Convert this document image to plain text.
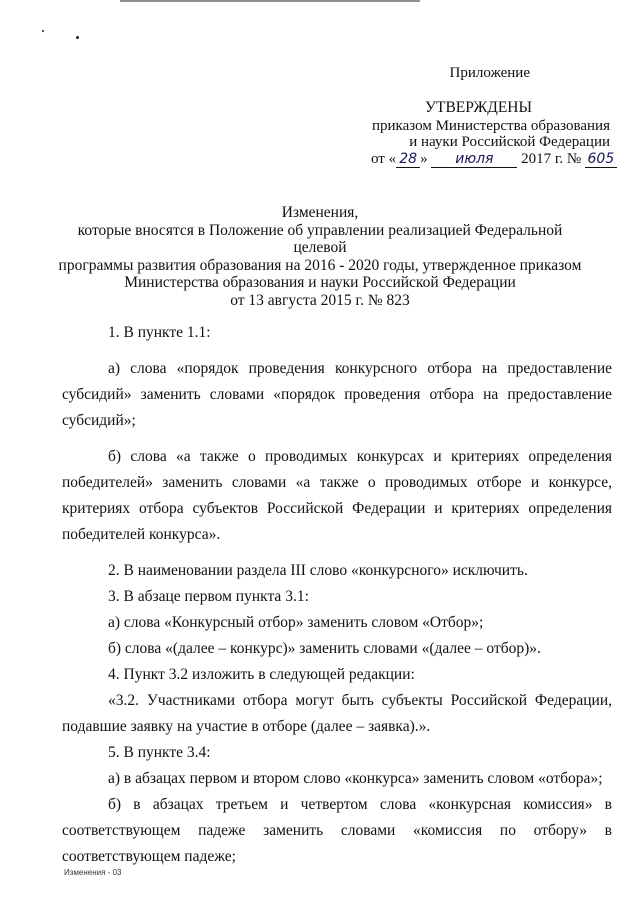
Приложение
УТВЕРЖДЕНЫ
приказом Министерства образования
и науки Российской Федерации
от « 28 » июля 2017 г. № 605
Изменения,
которые вносятся в Положение об управлении реализацией Федеральной целевой
программы развития образования на 2016 - 2020 годы, утвержденное приказом
Министерства образования и науки Российской Федерации
от 13 августа 2015 г. № 823

1. В пункте 1.1:

а) слова «порядок проведения конкурсного отбора на предоставление субсидий» заменить словами «порядок проведения отбора на предоставление субсидий»;

б) слова «а также о проводимых конкурсах и критериях определения победителей» заменить словами «а также о проводимых отборе и конкурсе, критериях отбора субъектов Российской Федерации и критериях определения победителей конкурса».

2. В наименовании раздела III слово «конкурсного» исключить.

3. В абзаце первом пункта 3.1:

а) слова «Конкурсный отбор» заменить словом «Отбор»;

б) слова «(далее – конкурс)» заменить словами «(далее – отбор)».

4. Пункт 3.2 изложить в следующей редакции:

«3.2. Участниками отбора могут быть субъекты Российской Федерации, подавшие заявку на участие в отборе (далее – заявка).».

5. В пункте 3.4:

а) в абзацах первом и втором слово «конкурса» заменить словом «отбора»;

б) в абзацах третьем и четвертом слова «конкурсная комиссия» в соответствующем падеже заменить словами «комиссия по отбору» в соответствующем падеже;

Изменения - 03
